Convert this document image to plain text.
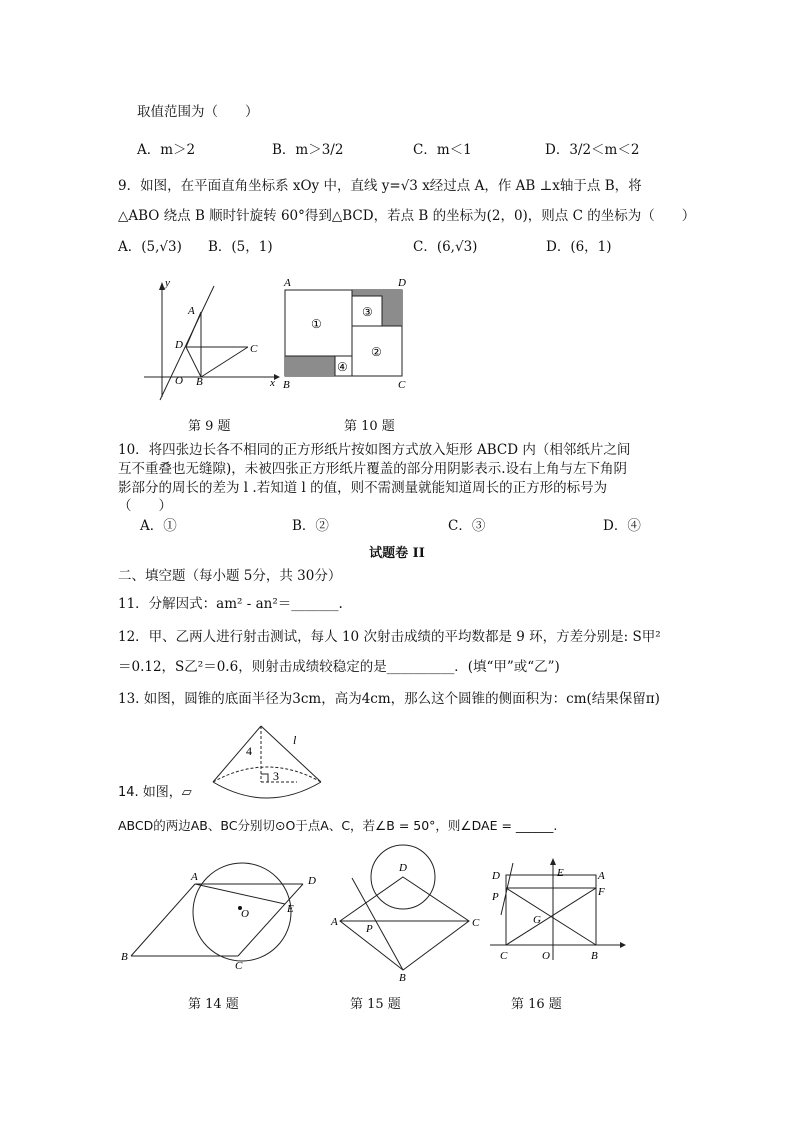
取值范围为（　　）
A．m＞2	B．m＞3/2	C．m＜1	D．3/2＜m＜2
9．如图，在平面直角坐标系 xOy 中，直线 y=√3 x经过点 A，作 AB ⊥x轴于点 B，将
△ABO 绕点 B 顺时针旋转 60°得到△BCD，若点 B 的坐标为(2，0)，则点 C 的坐标为（　　）
A．(5,√3) B．(5，1)	C．(6,√3)	D．(6，1)
y
x
A
D	C
O B
A	D
B	C
①
②
③
④
第 9 题	第 10 题
10．将四张边长各不相同的正方形纸片按如图方式放入矩形 ABCD 内（相邻纸片之间
互不重叠也无缝隙)，未被四张正方形纸片覆盖的部分用阴影表示.设右上角与左下角阴
影部分的周长的差为 l .若知道 l 的值，则不需测量就能知道周长的正方形的标号为
（　　）
A．①	B．②	C．③	D．④
试题卷 II
二、填空题（每小题 5分，共 30分）
11．分解因式：am² - an²＝_______.
12．甲、乙两人进行射击测试，每人 10 次射击成绩的平均数都是 9 环，方差分别是: S甲²
＝0.12，S乙²＝0.6，则射击成绩较稳定的是__________．(填“甲”或“乙”)
13. 如图，圆锥的底面半径为3cm，高为4cm，那么这个圆锥的侧面积为：cm(结果保留π)
4
l
3
14. 如图，▱
ABCD的两边AB、BC分别切⊙O于点A、C，若∠B = 50°，则∠DAE = ______.
A	D
O	E
B
C
D
A
P	C
B
D	E	A
P	F
G
C	O	B
第 14 题	第 15 题	第 16 题
